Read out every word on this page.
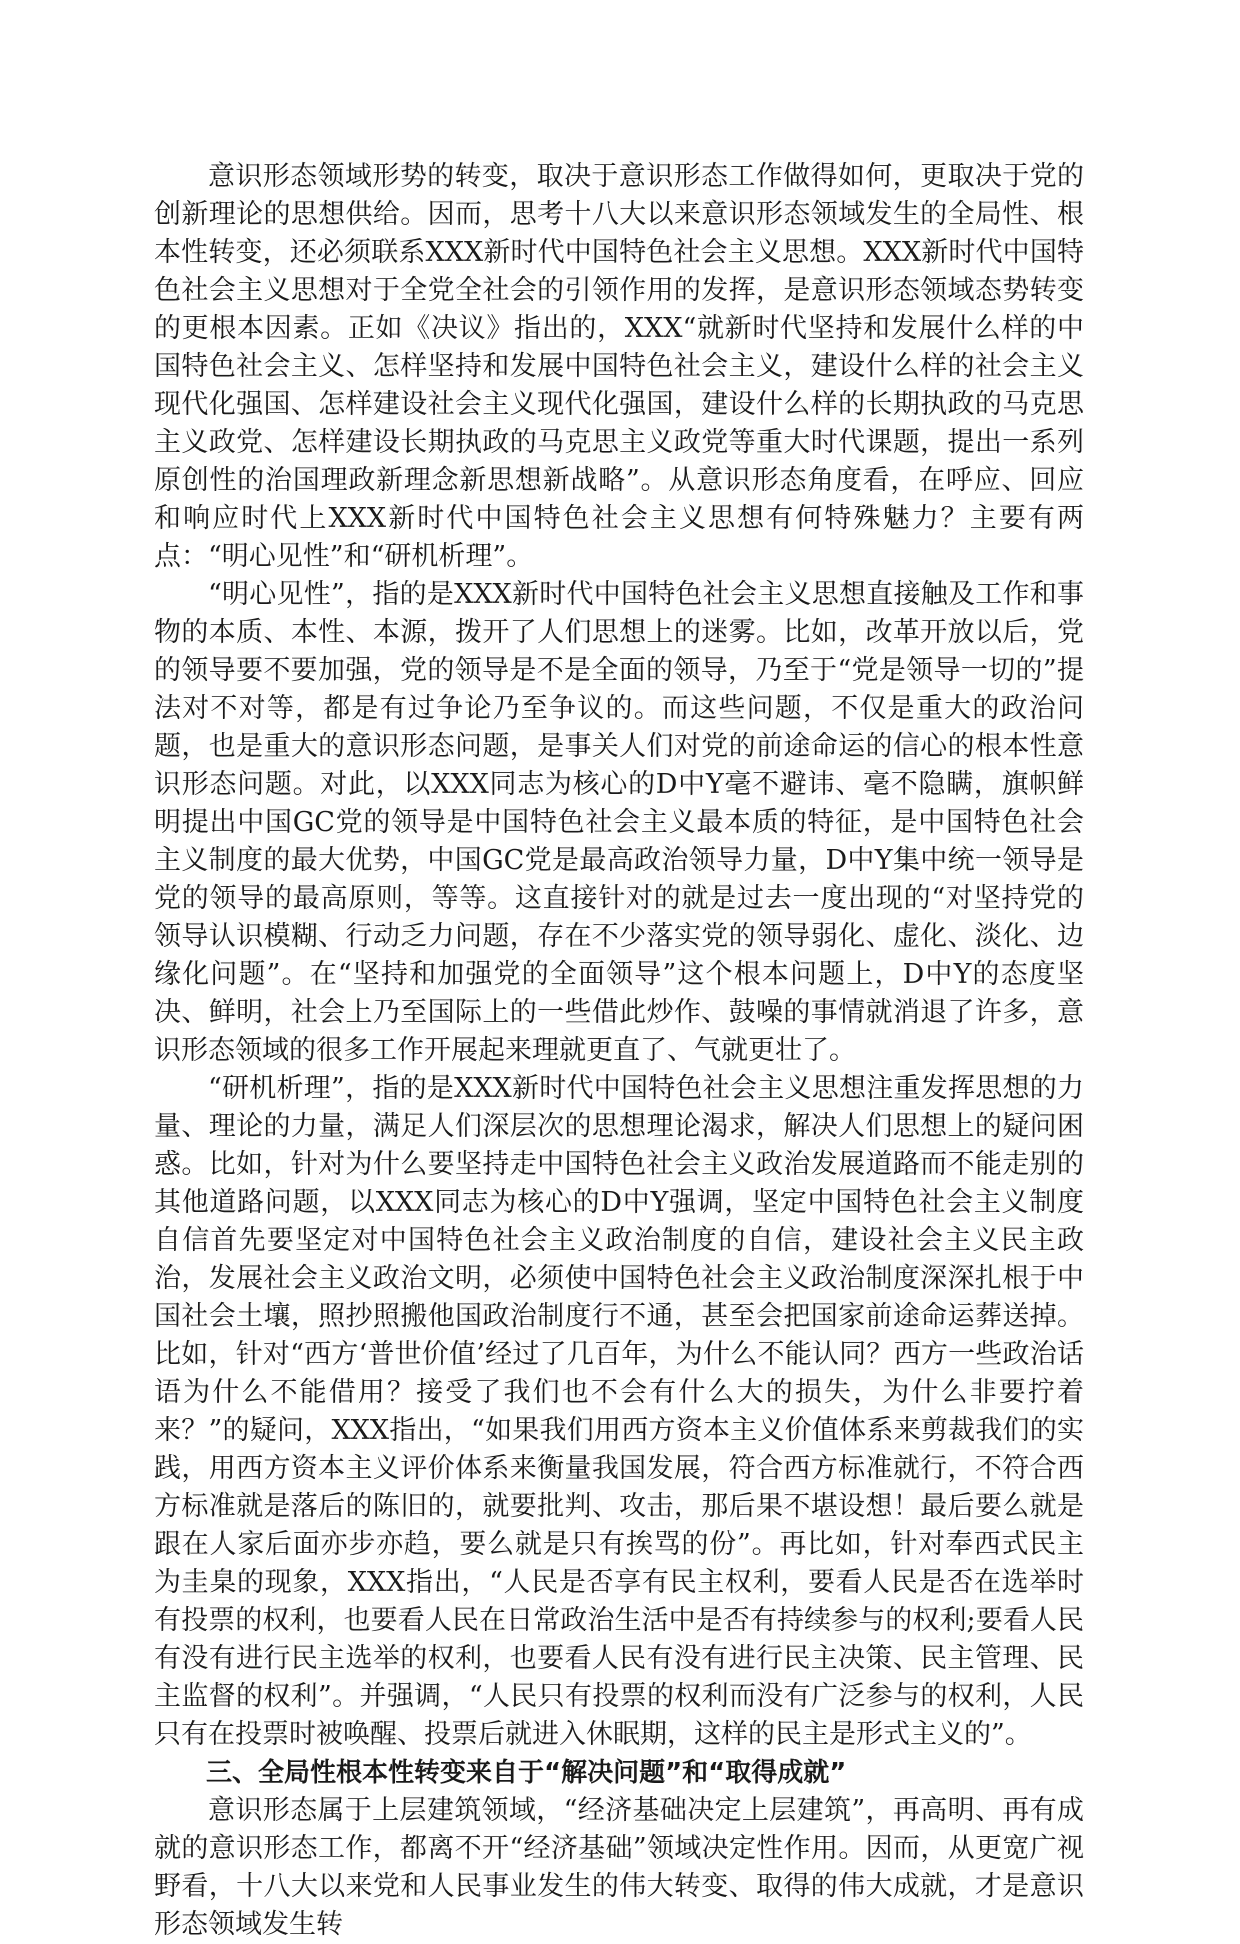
意识形态领域形势的转变，取决于意识形态工作做得如何，更取决于党的创新理论的思想供给。因而，思考十八大以来意识形态领域发生的全局性、根本性转变，还必须联系XXX新时代中国特色社会主义思想。XXX新时代中国特色社会主义思想对于全党全社会的引领作用的发挥，是意识形态领域态势转变的更根本因素。正如《决议》指出的，XXX“就新时代坚持和发展什么样的中国特色社会主义、怎样坚持和发展中国特色社会主义，建设什么样的社会主义现代化强国、怎样建设社会主义现代化强国，建设什么样的长期执政的马克思主义政党、怎样建设长期执政的马克思主义政党等重大时代课题，提出一系列原创性的治国理政新理念新思想新战略”。从意识形态角度看，在呼应、回应和响应时代上XXX新时代中国特色社会主义思想有何特殊魅力？主要有两点：“明心见性”和“研机析理”。

“明心见性”，指的是XXX新时代中国特色社会主义思想直接触及工作和事物的本质、本性、本源，拨开了人们思想上的迷雾。比如，改革开放以后，党的领导要不要加强，党的领导是不是全面的领导，乃至于“党是领导一切的”提法对不对等，都是有过争论乃至争议的。而这些问题，不仅是重大的政治问题，也是重大的意识形态问题，是事关人们对党的前途命运的信心的根本性意识形态问题。对此，以XXX同志为核心的D中Y毫不避讳、毫不隐瞒，旗帜鲜明提出中国GC党的领导是中国特色社会主义最本质的特征，是中国特色社会主义制度的最大优势，中国GC党是最高政治领导力量，D中Y集中统一领导是党的领导的最高原则，等等。这直接针对的就是过去一度出现的“对坚持党的领导认识模糊、行动乏力问题，存在不少落实党的领导弱化、虚化、淡化、边缘化问题”。在“坚持和加强党的全面领导”这个根本问题上，D中Y的态度坚决、鲜明，社会上乃至国际上的一些借此炒作、鼓噪的事情就消退了许多，意识形态领域的很多工作开展起来理就更直了、气就更壮了。

“研机析理”，指的是XXX新时代中国特色社会主义思想注重发挥思想的力量、理论的力量，满足人们深层次的思想理论渴求，解决人们思想上的疑问困惑。比如，针对为什么要坚持走中国特色社会主义政治发展道路而不能走别的其他道路问题，以XXX同志为核心的D中Y强调，坚定中国特色社会主义制度自信首先要坚定对中国特色社会主义政治制度的自信，建设社会主义民主政治，发展社会主义政治文明，必须使中国特色社会主义政治制度深深扎根于中国社会土壤，照抄照搬他国政治制度行不通，甚至会把国家前途命运葬送掉。比如，针对“西方‘普世价值’经过了几百年，为什么不能认同？西方一些政治话语为什么不能借用？接受了我们也不会有什么大的损失，为什么非要拧着来？”的疑问，XXX指出，“如果我们用西方资本主义价值体系来剪裁我们的实践，用西方资本主义评价体系来衡量我国发展，符合西方标准就行，不符合西方标准就是落后的陈旧的，就要批判、攻击，那后果不堪设想！最后要么就是跟在人家后面亦步亦趋，要么就是只有挨骂的份”。再比如，针对奉西式民主为圭臬的现象，XXX指出，“人民是否享有民主权利，要看人民是否在选举时有投票的权利，也要看人民在日常政治生活中是否有持续参与的权利;要看人民有没有进行民主选举的权利，也要看人民有没有进行民主决策、民主管理、民主监督的权利”。并强调，“人民只有投票的权利而没有广泛参与的权利，人民只有在投票时被唤醒、投票后就进入休眠期，这样的民主是形式主义的”。

三、全局性根本性转变来自于“解决问题”和“取得成就”

意识形态属于上层建筑领域，“经济基础决定上层建筑”，再高明、再有成就的意识形态工作，都离不开“经济基础”领域决定性作用。因而，从更宽广视野看，十八大以来党和人民事业发生的伟大转变、取得的伟大成就，才是意识形态领域发生转
